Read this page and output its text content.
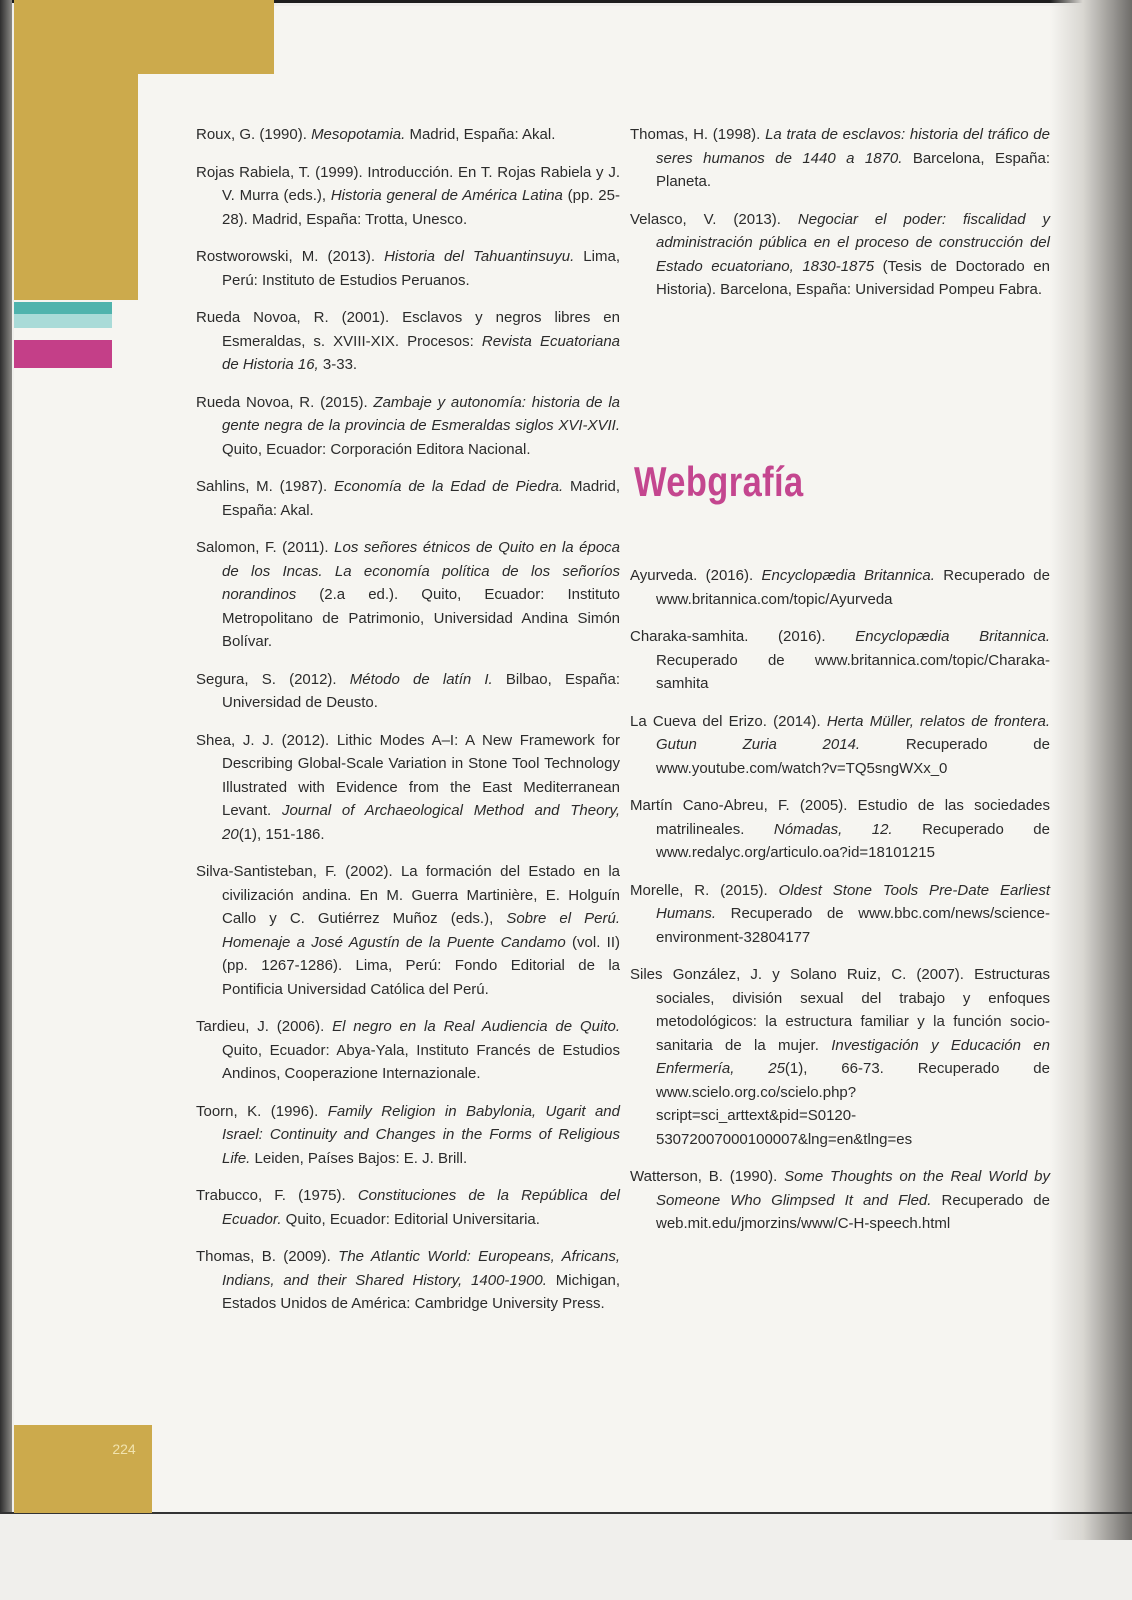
224

Roux, G. (1990). Mesopotamia. Madrid, España: Akal.

Rojas Rabiela, T. (1999). Introducción. En T. Rojas Rabiela y J. V. Murra (eds.), Historia general de América Latina (pp. 25-28). Madrid, España: Trotta, Unesco.

Rostworowski, M. (2013). Historia del Tahuantinsuyu. Lima, Perú: Instituto de Estudios Peruanos.

Rueda Novoa, R. (2001). Esclavos y negros libres en Esmeraldas, s. XVIII-XIX. Procesos: Revista Ecuatoriana de Historia 16, 3-33.

Rueda Novoa, R. (2015). Zambaje y autonomía: historia de la gente negra de la provincia de Esmeraldas siglos XVI-XVII. Quito, Ecuador: Corporación Editora Nacional.

Sahlins, M. (1987). Economía de la Edad de Piedra. Madrid, España: Akal.

Salomon, F. (2011). Los señores étnicos de Quito en la época de los Incas. La economía política de los señoríos norandinos (2.a ed.). Quito, Ecuador: Instituto Metropolitano de Patrimonio, Universidad Andina Simón Bolívar.

Segura, S. (2012). Método de latín I. Bilbao, España: Universidad de Deusto.

Shea, J. J. (2012). Lithic Modes A–I: A New Framework for Describing Global-Scale Variation in Stone Tool Technology Illustrated with Evidence from the East Mediterranean Levant. Journal of Archaeological Method and Theory, 20(1), 151-186.

Silva-Santisteban, F. (2002). La formación del Estado en la civilización andina. En M. Guerra Martinière, E. Holguín Callo y C. Gutiérrez Muñoz (eds.), Sobre el Perú. Homenaje a José Agustín de la Puente Candamo (vol. II) (pp. 1267-1286). Lima, Perú: Fondo Editorial de la Pontificia Universidad Católica del Perú.

Tardieu, J. (2006). El negro en la Real Audiencia de Quito. Quito, Ecuador: Abya-Yala, Instituto Francés de Estudios Andinos, Cooperazione Internazionale.

Toorn, K. (1996). Family Religion in Babylonia, Ugarit and Israel: Continuity and Changes in the Forms of Religious Life. Leiden, Países Bajos: E. J. Brill.

Trabucco, F. (1975). Constituciones de la República del Ecuador. Quito, Ecuador: Editorial Universitaria.

Thomas, B. (2009). The Atlantic World: Europeans, Africans, Indians, and their Shared History, 1400-1900. Michigan, Estados Unidos de América: Cambridge University Press.

Thomas, H. (1998). La trata de esclavos: historia del tráfico de seres humanos de 1440 a 1870. Barcelona, España: Planeta.

Velasco, V. (2013). Negociar el poder: fiscalidad y administración pública en el proceso de construcción del Estado ecuatoriano, 1830-1875 (Tesis de Doctorado en Historia). Barcelona, España: Universidad Pompeu Fabra.

Webgrafía

Ayurveda. (2016). Encyclopædia Britannica. Recuperado de www.britannica.com/topic/Ayurveda

Charaka-samhita. (2016). Encyclopædia Britannica. Recuperado de www.britannica.com/topic/Charaka-samhita

La Cueva del Erizo. (2014). Herta Müller, relatos de frontera. Gutun Zuria 2014. Recuperado de www.youtube.com/watch?v=TQ5sngWXx_0

Martín Cano-Abreu, F. (2005). Estudio de las sociedades matrilineales. Nómadas, 12. Recuperado de www.redalyc.org/articulo.oa?id=18101215

Morelle, R. (2015). Oldest Stone Tools Pre-Date Earliest Humans. Recuperado de www.bbc.com/news/science-environment-32804177

Siles González, J. y Solano Ruiz, C. (2007). Estructuras sociales, división sexual del trabajo y enfoques metodológicos: la estructura familiar y la función socio-sanitaria de la mujer. Investigación y Educación en Enfermería, 25(1), 66-73. Recuperado de www.scielo.org.co/scielo.php?script=sci_arttext&pid=S0120-53072007000100007&lng=en&tlng=es

Watterson, B. (1990). Some Thoughts on the Real World by Someone Who Glimpsed It and Fled. Recuperado de web.mit.edu/jmorzins/www/C-H-speech.html
